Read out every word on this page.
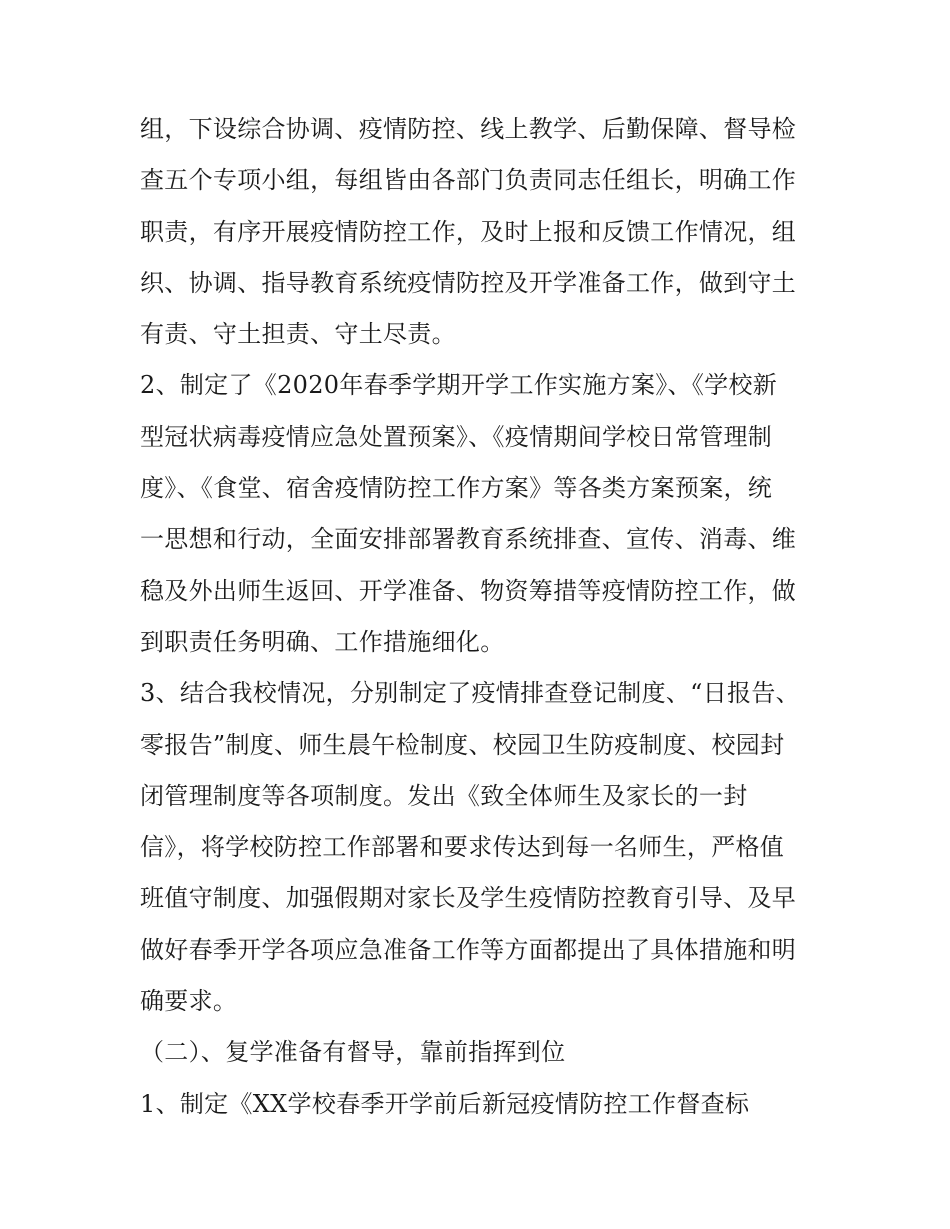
组，下设综合协调、疫情防控、线上教学、后勤保障、督导检
查五个专项小组，每组皆由各部门负责同志任组长，明确工作
职责，有序开展疫情防控工作，及时上报和反馈工作情况，组
织、协调、指导教育系统疫情防控及开学准备工作，做到守土
有责、守土担责、守土尽责。
2、制定了《2020年春季学期开学工作实施方案》、《学校新
型冠状病毒疫情应急处置预案》、《疫情期间学校日常管理制
度》、《食堂、宿舍疫情防控工作方案》等各类方案预案，统
一思想和行动，全面安排部署教育系统排查、宣传、消毒、维
稳及外出师生返回、开学准备、物资筹措等疫情防控工作，做
到职责任务明确、工作措施细化。
3、结合我校情况，分别制定了疫情排查登记制度、“日报告、
零报告”制度、师生晨午检制度、校园卫生防疫制度、校园封
闭管理制度等各项制度。发出《致全体师生及家长的一封
信》，将学校防控工作部署和要求传达到每一名师生，严格值
班值守制度、加强假期对家长及学生疫情防控教育引导、及早
做好春季开学各项应急准备工作等方面都提出了具体措施和明
确要求。
（二）、复学准备有督导，靠前指挥到位
1、制定《XX学校春季开学前后新冠疫情防控工作督查标
